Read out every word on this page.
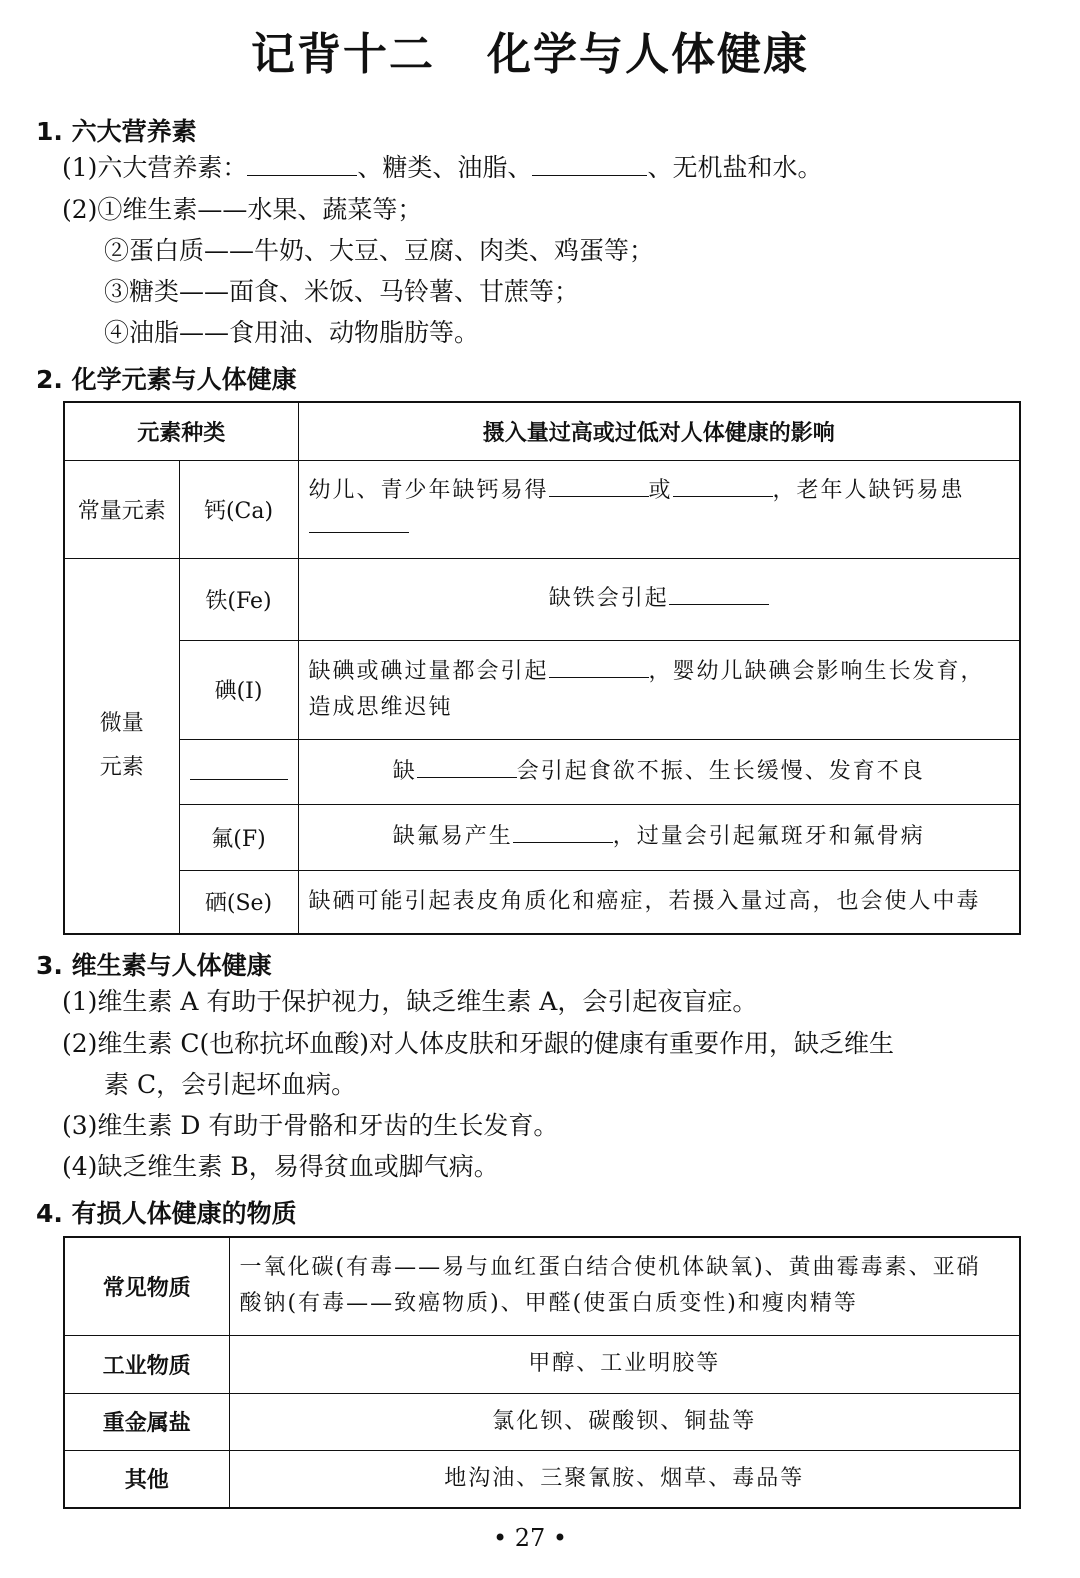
记背十二 化学与人体健康
1. 六大营养素
(1)六大营养素：	、糖类、油脂、	、无机盐和水。
(2)①维生素——水果、蔬菜等；
②蛋白质——牛奶、大豆、豆腐、肉类、鸡蛋等；
③糖类——面食、米饭、马铃薯、甘蔗等；
④油脂——食用油、动物脂肪等。
2. 化学元素与人体健康
元素种类		摄入量过高或过低对人体健康的影响
常量元素	钙(Ca)	幼儿、青少年缺钙易得 或 ，老年人缺钙易患

微量
元素	铁(Fe)	缺铁会引起
	碘(I)	缺碘或碘过量都会引起 ，婴幼儿缺碘会影响生长发育，
造成思维迟钝
		缺 会引起食欲不振、生长缓慢、发育不良
	氟(F)	缺氟易产生 ，过量会引起氟斑牙和氟骨病
	硒(Se)	缺硒可能引起表皮角质化和癌症，若摄入量过高，也会使人中毒
3. 维生素与人体健康
(1)维生素 A 有助于保护视力，缺乏维生素 A，会引起夜盲症。
(2)维生素 C(也称抗坏血酸)对人体皮肤和牙龈的健康有重要作用，缺乏维生
素 C，会引起坏血病。
(3)维生素 D 有助于骨骼和牙齿的生长发育。
(4)缺乏维生素 B，易得贫血或脚气病。
4. 有损人体健康的物质
常见物质	一氧化碳(有毒——易与血红蛋白结合使机体缺氧)、黄曲霉毒素、亚硝
酸钠(有毒——致癌物质)、甲醛(使蛋白质变性)和瘦肉精等
工业物质	甲醇、工业明胶等
重金属盐	氯化钡、碳酸钡、铜盐等
其他	地沟油、三聚氰胺、烟草、毒品等
• 27 •
